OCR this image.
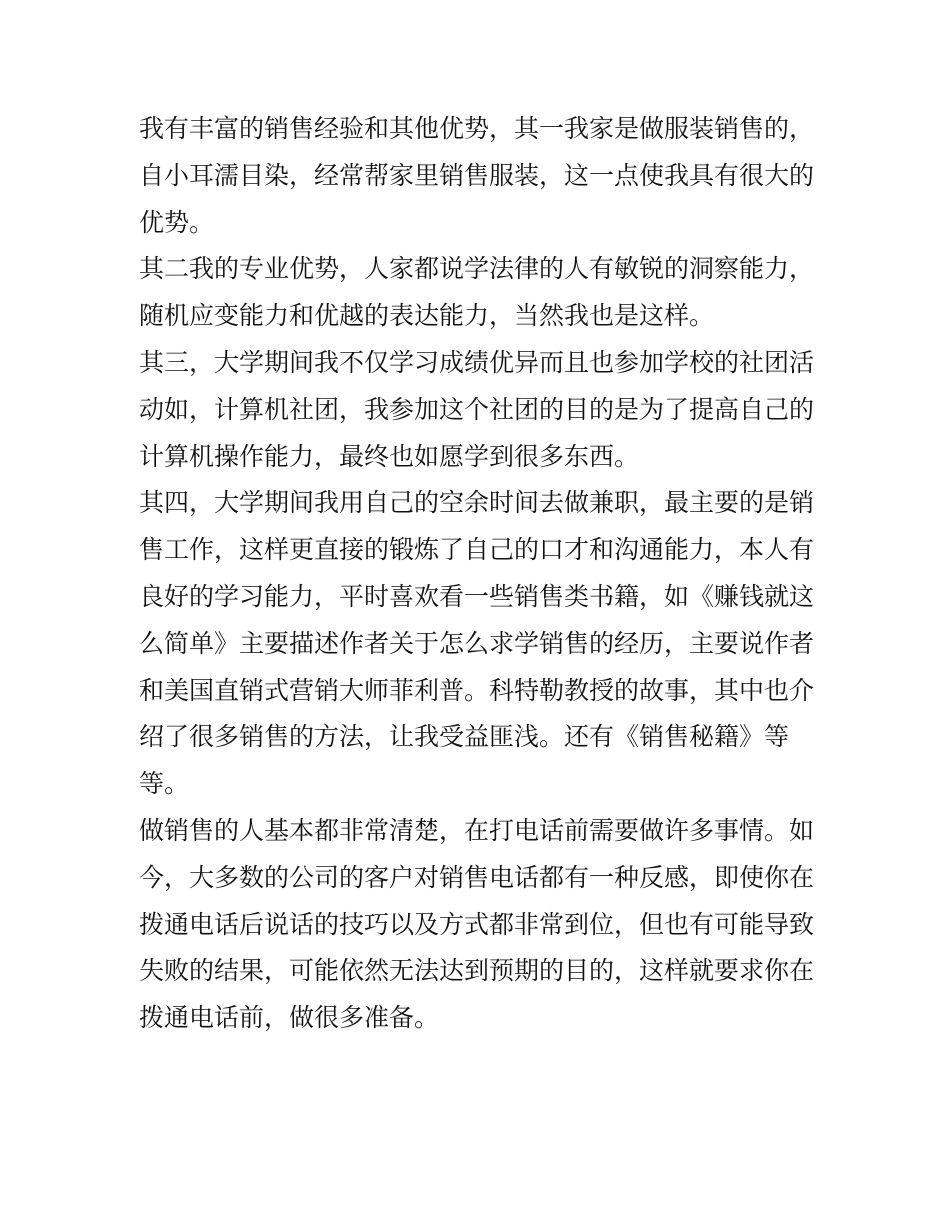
我有丰富的销售经验和其他优势，其一我家是做服装销售的，
自小耳濡目染，经常帮家里销售服装，这一点使我具有很大的
优势。
其二我的专业优势，人家都说学法律的人有敏锐的洞察能力，
随机应变能力和优越的表达能力，当然我也是这样。
其三，大学期间我不仅学习成绩优异而且也参加学校的社团活
动如，计算机社团，我参加这个社团的目的是为了提高自己的
计算机操作能力，最终也如愿学到很多东西。
其四，大学期间我用自己的空余时间去做兼职，最主要的是销
售工作，这样更直接的锻炼了自己的口才和沟通能力，本人有
良好的学习能力，平时喜欢看一些销售类书籍，如《赚钱就这
么简单》主要描述作者关于怎么求学销售的经历，主要说作者
和美国直销式营销大师菲利普。科特勒教授的故事，其中也介
绍了很多销售的方法，让我受益匪浅。还有《销售秘籍》等
等。
做销售的人基本都非常清楚，在打电话前需要做许多事情。如
今，大多数的公司的客户对销售电话都有一种反感，即使你在
拨通电话后说话的技巧以及方式都非常到位，但也有可能导致
失败的结果，可能依然无法达到预期的目的，这样就要求你在
拨通电话前，做很多准备。
